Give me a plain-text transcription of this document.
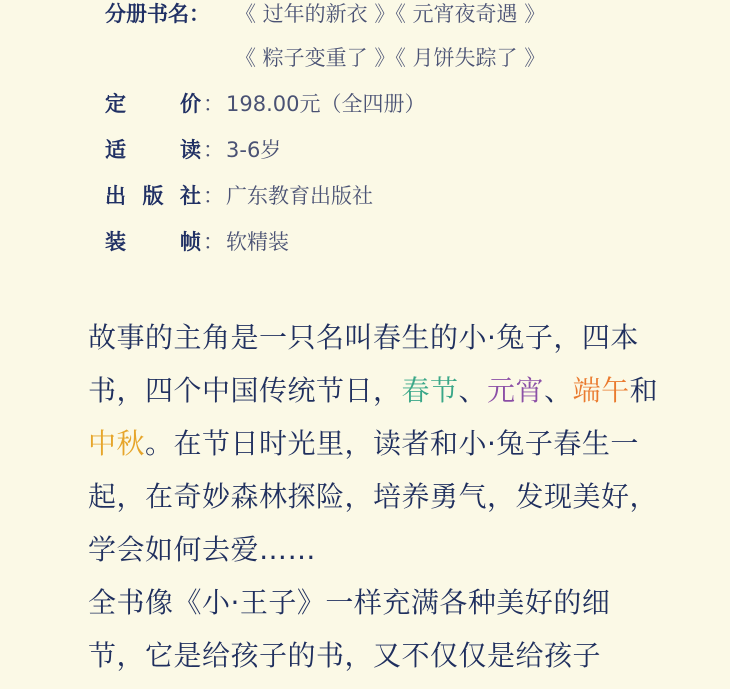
分册书名： 《 过年的新衣 》《 元宵夜奇遇 》
《 粽子变重了 》《 月饼失踪了 》
定价 ： 198.00元（全四册）
适读 ： 3-6岁
出版社 ： 广东教育出版社
装帧 ： 软精装

故事的主角是一只名叫春生的小·兔子，四本书，四个中国传统节日，春节、元宵、端午和中秋。在节日时光里，读者和小·兔子春生一起，在奇妙森林探险，培养勇气，发现美好，学会如何去爱……

全书像《小·王子》一样充满各种美好的细节，它是给孩子的书，又不仅仅是给孩子
